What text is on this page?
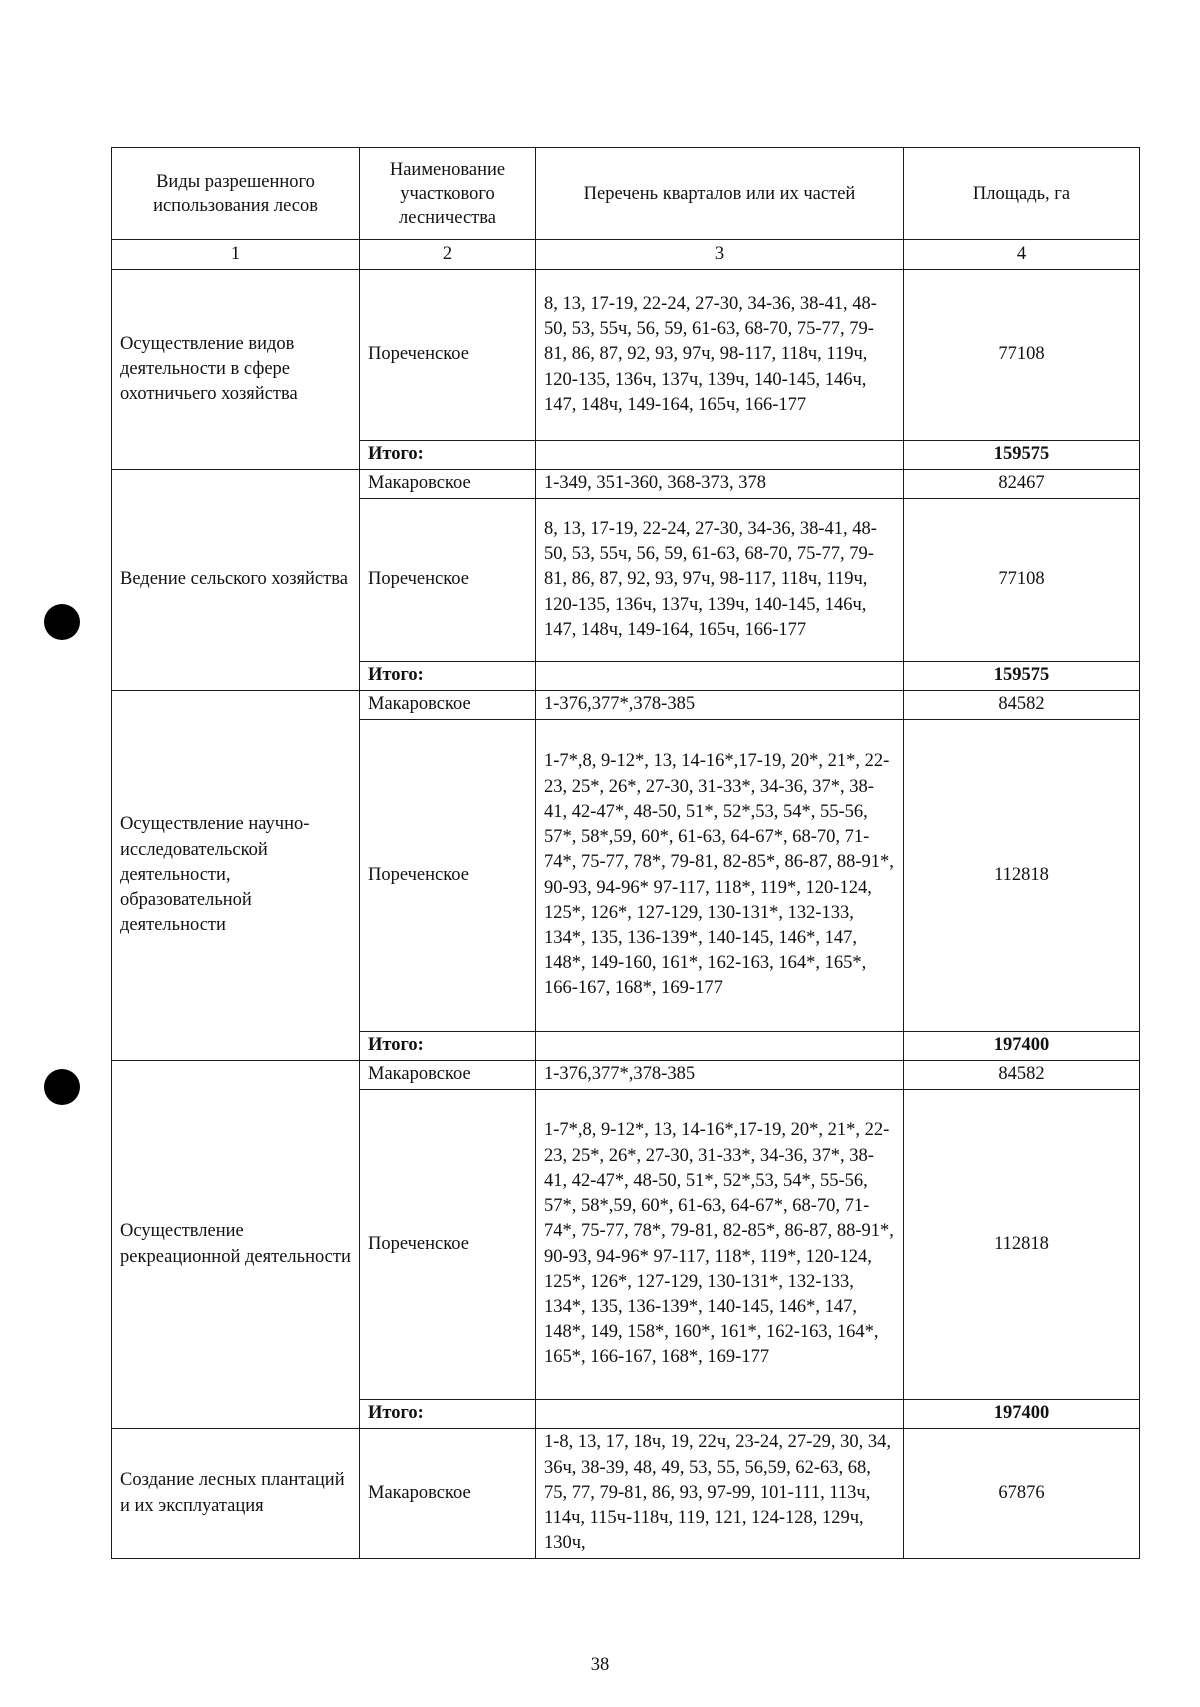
Виды разрешенного использования лесов	Наименование участкового лесничества	Перечень кварталов или их частей	Площадь, га
1	2	3	4
Осуществление видов деятельности в сфере охотничьего хозяйства	Пореченское	8, 13, 17-19, 22-24, 27-30, 34-36, 38-41, 48-50, 53, 55ч, 56, 59, 61-63, 68-70, 75-77, 79-81, 86, 87, 92, 93, 97ч, 98-117, 118ч, 119ч, 120-135, 136ч, 137ч, 139ч, 140-145, 146ч, 147, 148ч, 149-164, 165ч, 166-177	77108
	Итого:		159575
Ведение сельского хозяйства	Макаровское	1-349, 351-360, 368-373, 378	82467
	Пореченское	8, 13, 17-19, 22-24, 27-30, 34-36, 38-41, 48-50, 53, 55ч, 56, 59, 61-63, 68-70, 75-77, 79-81, 86, 87, 92, 93, 97ч, 98-117, 118ч, 119ч, 120-135, 136ч, 137ч, 139ч, 140-145, 146ч, 147, 148ч, 149-164, 165ч, 166-177	77108
	Итого:		159575
Осуществление научно-исследовательской деятельности, образовательной деятельности	Макаровское	1-376,377*,378-385	84582
	Пореченское	1-7*,8, 9-12*, 13, 14-16*,17-19, 20*, 21*, 22-23, 25*, 26*, 27-30, 31-33*, 34-36, 37*, 38-41, 42-47*, 48-50, 51*, 52*,53, 54*, 55-56, 57*, 58*,59, 60*, 61-63, 64-67*, 68-70, 71-74*, 75-77, 78*, 79-81, 82-85*, 86-87, 88-91*, 90-93, 94-96* 97-117, 118*, 119*, 120-124, 125*, 126*, 127-129, 130-131*, 132-133, 134*, 135, 136-139*, 140-145, 146*, 147, 148*, 149-160, 161*, 162-163, 164*, 165*, 166-167, 168*, 169-177	112818
	Итого:		197400
Осуществление рекреационной деятельности	Макаровское	1-376,377*,378-385	84582
	Пореченское	1-7*,8, 9-12*, 13, 14-16*,17-19, 20*, 21*, 22-23, 25*, 26*, 27-30, 31-33*, 34-36, 37*, 38-41, 42-47*, 48-50, 51*, 52*,53, 54*, 55-56, 57*, 58*,59, 60*, 61-63, 64-67*, 68-70, 71-74*, 75-77, 78*, 79-81, 82-85*, 86-87, 88-91*, 90-93, 94-96* 97-117, 118*, 119*, 120-124, 125*, 126*, 127-129, 130-131*, 132-133, 134*, 135, 136-139*, 140-145, 146*, 147, 148*, 149, 158*, 160*, 161*, 162-163, 164*, 165*, 166-167, 168*, 169-177	112818
	Итого:		197400
Создание лесных плантаций и их эксплуатация	Макаровское	1-8, 13, 17, 18ч, 19, 22ч, 23-24, 27-29, 30, 34, 36ч, 38-39, 48, 49, 53, 55, 56,59, 62-63, 68, 75, 77, 79-81, 86, 93, 97-99, 101-111, 113ч, 114ч, 115ч-118ч, 119, 121, 124-128, 129ч, 130ч,	67876
38
